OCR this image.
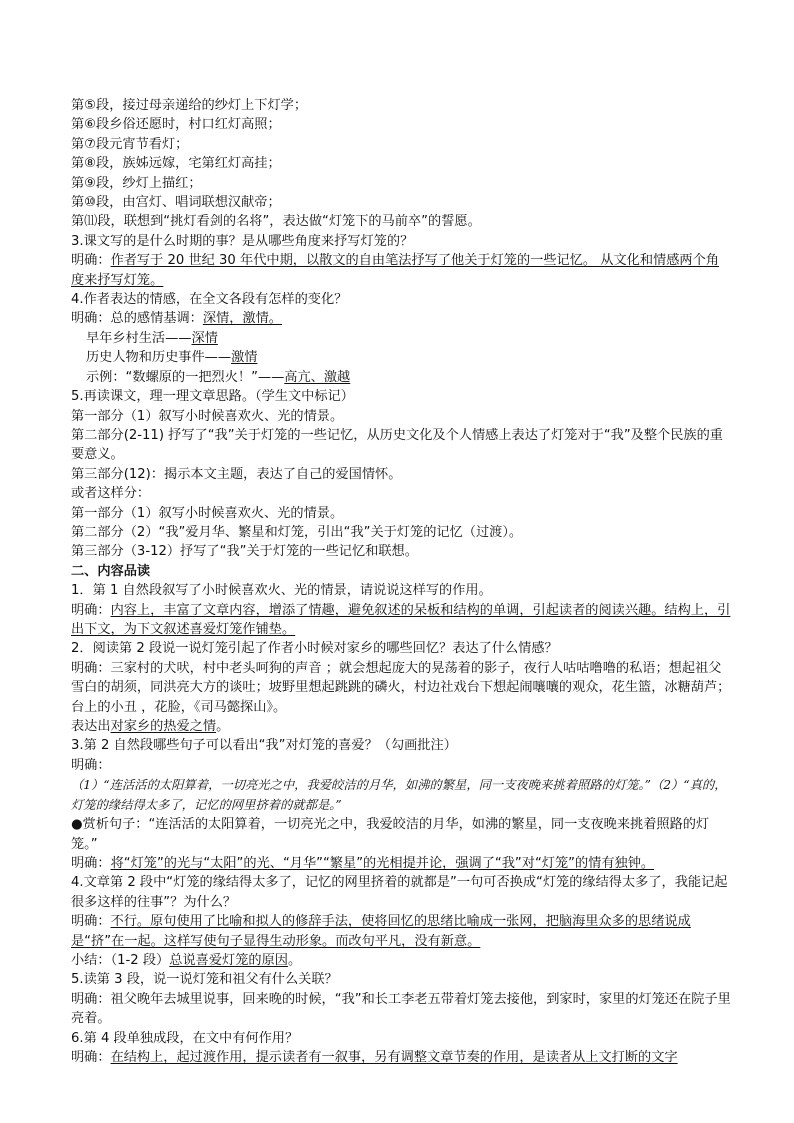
第⑤段，接过母亲递给的纱灯上下灯学；
第⑥段乡俗还愿时，村口红灯高照；
第⑦段元宵节看灯；
第⑧段，族姊远嫁，宅第红灯高挂；
第⑨段，纱灯上描红；
第⑩段，由宫灯、唱词联想汉献帝；
第⑾段，联想到“挑灯看剑的名将”，表达做“灯笼下的马前卒”的誓愿。
3.课文写的是什么时期的事？是从哪些角度来抒写灯笼的？
明确：作者写于 20 世纪 30 年代中期，以散文的自由笔法抒写了他关于灯笼的一些记忆。 从文化和情感两个角度来抒写灯笼。
4.作者表达的情感，在全文各段有怎样的变化？
明确：总的感情基调：深情，激情。
早年乡村生活——深情
历史人物和历史事件——激情
示例：“数螺原的一把烈火！”——高亢、激越
5.再读课文，理一理文章思路。（学生文中标记）
第一部分（1）叙写小时候喜欢火、光的情景。
第二部分(2-11) 抒写了“我”关于灯笼的一些记忆，从历史文化及个人情感上表达了灯笼对于“我”及整个民族的重要意义。
第三部分(12)：揭示本文主题，表达了自己的爱国情怀。
或者这样分：
第一部分（1）叙写小时候喜欢火、光的情景。
第二部分（2）“我”爱月华、繁星和灯笼，引出“我”关于灯笼的记忆（过渡）。
第三部分（3-12）抒写了“我”关于灯笼的一些记忆和联想。
二、内容品读
1．第 1 自然段叙写了小时候喜欢火、光的情景，请说说这样写的作用。
明确：内容上，丰富了文章内容，增添了情趣，避免叙述的呆板和结构的单调，引起读者的阅读兴趣。结构上，引出下文，为下文叙述喜爱灯笼作铺垫。
2．阅读第 2 段说一说灯笼引起了作者小时候对家乡的哪些回忆？表达了什么情感？
明确：三家村的犬吠，村中老头呵狗的声音 ；就会想起庞大的晃荡着的影子，夜行人咕咕噜噜的私语；想起祖父雪白的胡须，同洪亮大方的谈吐；坡野里想起跳跳的磷火，村边社戏台下想起闹嚷嚷的观众，花生篮，冰糖葫芦；台上的小丑 ，花脸，《司马懿探山》。
表达出对家乡的热爱之情。
3.第 2 自然段哪些句子可以看出“我”对灯笼的喜爱？（勾画批注）
明确：
（1）“连活活的太阳算着，一切亮光之中，我爱皎洁的月华，如沸的繁星，同一支夜晚来挑着照路的灯笼。”（2）“真的，灯笼的缘结得太多了，记忆的网里挤着的就都是。”
●赏析句子：“连活活的太阳算着，一切亮光之中，我爱皎洁的月华，如沸的繁星，同一支夜晚来挑着照路的灯笼。”
明确：将“灯笼”的光与“太阳”的光、“月华”“繁星”的光相提并论，强调了“我”对“灯笼”的情有独钟。
4.文章第 2 段中“灯笼的缘结得太多了，记忆的网里挤着的就都是”一句可否换成“灯笼的缘结得太多了，我能记起很多这样的往事”？为什么？
明确：不行。原句使用了比喻和拟人的修辞手法，使将回忆的思绪比喻成一张网，把脑海里众多的思绪说成是“挤”在一起。这样写使句子显得生动形象。而改句平凡，没有新意。
小结：（1-2 段）总说喜爱灯笼的原因。
5.读第 3 段，说一说灯笼和祖父有什么关联？
明确：祖父晚年去城里说事，回来晚的时候，“我”和长工李老五带着灯笼去接他，到家时，家里的灯笼还在院子里亮着。
6.第 4 段单独成段，在文中有何作用？
明确：在结构上，起过渡作用，提示读者有一叙事，另有调整文章节奏的作用，是读者从上文打断的文字
